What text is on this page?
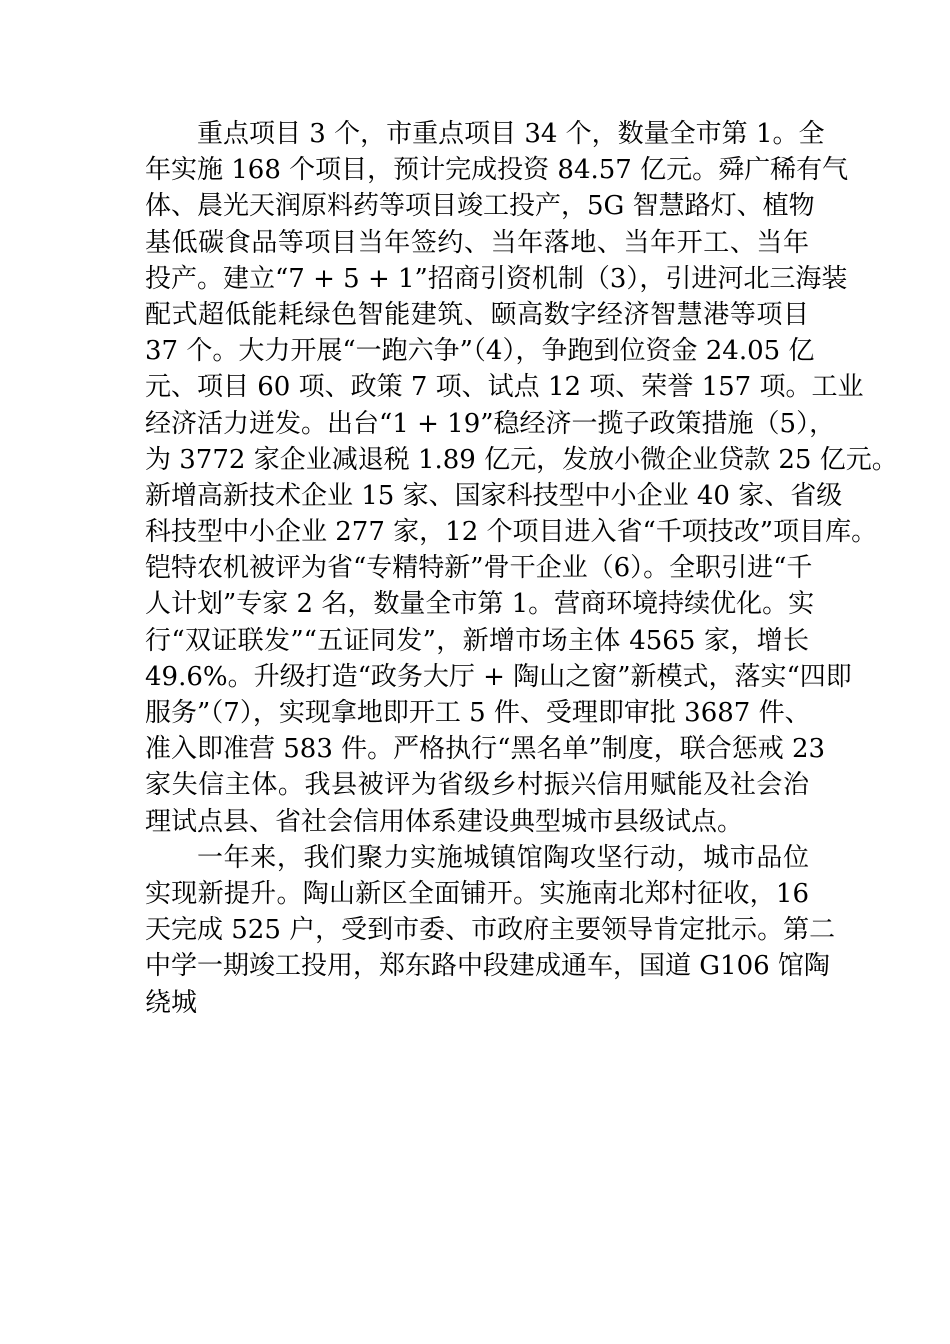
重点项目 3 个，市重点项目 34 个，数量全市第 1。全
年实施 168 个项目，预计完成投资 84.57 亿元。舜广稀有气
体、晨光天润原料药等项目竣工投产，5G 智慧路灯、植物
基低碳食品等项目当年签约、当年落地、当年开工、当年
投产。建立“7 + 5 + 1”招商引资机制（3），引进河北三海装
配式超低能耗绿色智能建筑、颐高数字经济智慧港等项目
37 个。大力开展“一跑六争”（4），争跑到位资金 24.05 亿
元、项目 60 项、政策 7 项、试点 12 项、荣誉 157 项。工业
经济活力迸发。出台“1 + 19”稳经济一揽子政策措施（5），
为 3772 家企业减退税 1.89 亿元，发放小微企业贷款 25 亿元。
新增高新技术企业 15 家、国家科技型中小企业 40 家、省级
科技型中小企业 277 家，12 个项目进入省“千项技改”项目库。
铠特农机被评为省“专精特新”骨干企业（6）。全职引进“千
人计划”专家 2 名，数量全市第 1。营商环境持续优化。实
行“双证联发”“五证同发”，新增市场主体 4565 家，增长
49.6%。升级打造“政务大厅 + 陶山之窗”新模式，落实“四即
服务”（7），实现拿地即开工 5 件、受理即审批 3687 件、
准入即准营 583 件。严格执行“黑名单”制度，联合惩戒 23
家失信主体。我县被评为省级乡村振兴信用赋能及社会治
理试点县、省社会信用体系建设典型城市县级试点。
一年来，我们聚力实施城镇馆陶攻坚行动，城市品位
实现新提升。陶山新区全面铺开。实施南北郑村征收，16
天完成 525 户，受到市委、市政府主要领导肯定批示。第二
中学一期竣工投用，郑东路中段建成通车，国道 G106 馆陶
绕城
